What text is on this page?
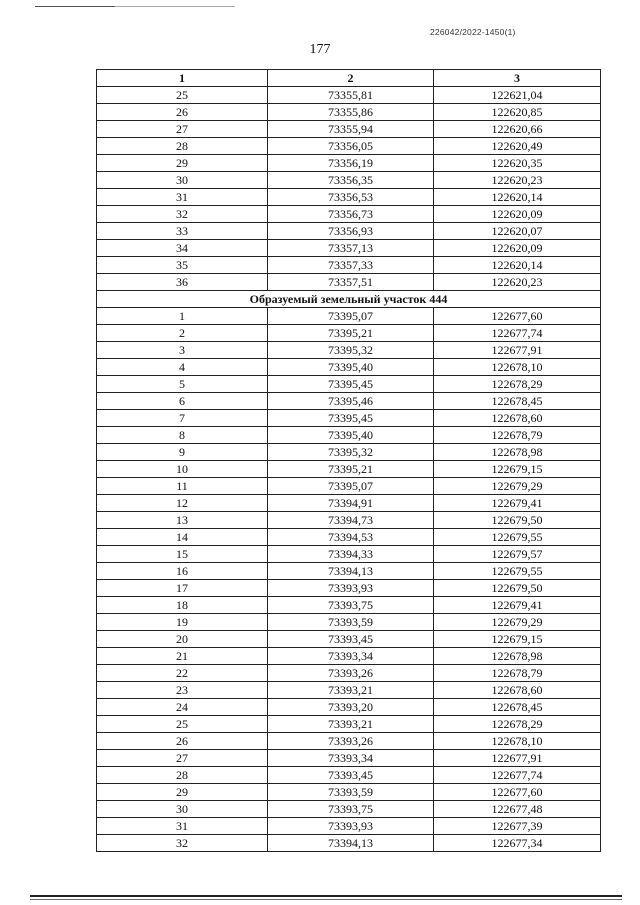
226042/2022-1450(1)
177
1	2	3
25	73355,81	122621,04
26	73355,86	122620,85
27	73355,94	122620,66
28	73356,05	122620,49
29	73356,19	122620,35
30	73356,35	122620,23
31	73356,53	122620,14
32	73356,73	122620,09
33	73356,93	122620,07
34	73357,13	122620,09
35	73357,33	122620,14
36	73357,51	122620,23
Образуемый земельный участок 444		
1	73395,07	122677,60
2	73395,21	122677,74
3	73395,32	122677,91
4	73395,40	122678,10
5	73395,45	122678,29
6	73395,46	122678,45
7	73395,45	122678,60
8	73395,40	122678,79
9	73395,32	122678,98
10	73395,21	122679,15
11	73395,07	122679,29
12	73394,91	122679,41
13	73394,73	122679,50
14	73394,53	122679,55
15	73394,33	122679,57
16	73394,13	122679,55
17	73393,93	122679,50
18	73393,75	122679,41
19	73393,59	122679,29
20	73393,45	122679,15
21	73393,34	122678,98
22	73393,26	122678,79
23	73393,21	122678,60
24	73393,20	122678,45
25	73393,21	122678,29
26	73393,26	122678,10
27	73393,34	122677,91
28	73393,45	122677,74
29	73393,59	122677,60
30	73393,75	122677,48
31	73393,93	122677,39
32	73394,13	122677,34
